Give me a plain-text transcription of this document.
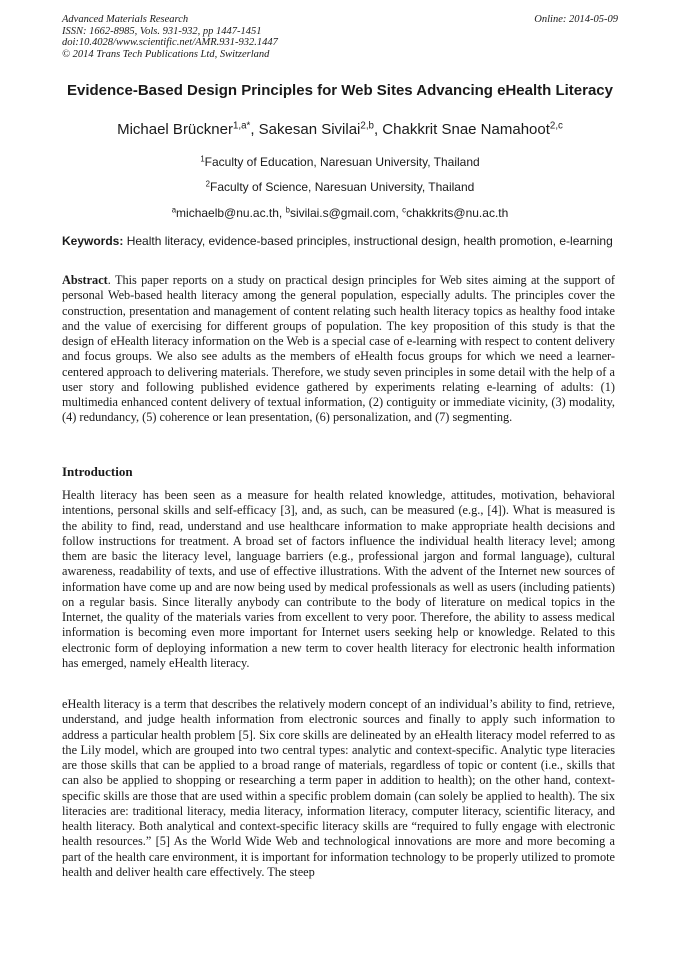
Advanced Materials Research
ISSN: 1662-8985, Vols. 931-932, pp 1447-1451
doi:10.4028/www.scientific.net/AMR.931-932.1447
© 2014 Trans Tech Publications Ltd, Switzerland
Online: 2014-05-09
Evidence-Based Design Principles for Web Sites Advancing eHealth Literacy
Michael Brückner$^{1,a*}$, Sakesan Sivilai$^{2,b}$, Chakkrit Snae Namahoot$^{2,c}$
$^1$Faculty of Education, Naresuan University, Thailand
$^2$Faculty of Science, Naresuan University, Thailand
$^a$michaelb@nu.ac.th, $^b$sivilai.s@gmail.com, $^c$chakkrits@nu.ac.th
Keywords: Health literacy, evidence-based principles, instructional design, health promotion, e-learning
Abstract. This paper reports on a study on practical design principles for Web sites aiming at the support of personal Web-based health literacy among the general population, especially adults. The principles cover the construction, presentation and management of content relating such health literacy topics as healthy food intake and the value of exercising for different groups of population. The key proposition of this study is that the design of eHealth literacy information on the Web is a special case of e-learning with respect to content delivery and focus groups. We also see adults as the members of eHealth focus groups for which we need a learner-centered approach to delivering materials. Therefore, we study seven principles in some detail with the help of a user story and following published evidence gathered by experiments relating e-learning of adults: (1) multimedia enhanced content delivery of textual information, (2) contiguity or immediate vicinity, (3) modality, (4) redundancy, (5) coherence or lean presentation, (6) personalization, and (7) segmenting.
Introduction
Health literacy has been seen as a measure for health related knowledge, attitudes, motivation, behavioral intentions, personal skills and self-efficacy [3], and, as such, can be measured (e.g., [4]). What is measured is the ability to find, read, understand and use healthcare information to make appropriate health decisions and follow instructions for treatment. A broad set of factors influence the individual health literacy level; among them are basic the literacy level, language barriers (e.g., professional jargon and formal language), cultural awareness, readability of texts, and use of effective illustrations. With the advent of the Internet new sources of information have come up and are now being used by medical professionals as well as users (including patients) on a regular basis. Since literally anybody can contribute to the body of literature on medical topics in the Internet, the quality of the materials varies from excellent to very poor. Therefore, the ability to assess medical information is becoming even more important for Internet users seeking help or knowledge. Related to this electronic form of deploying information a new term to cover health literacy for electronic health information has emerged, namely eHealth literacy.
eHealth literacy is a term that describes the relatively modern concept of an individual’s ability to find, retrieve, understand, and judge health information from electronic sources and finally to apply such information to address a particular health problem [5]. Six core skills are delineated by an eHealth literacy model referred to as the Lily model, which are grouped into two central types: analytic and context-specific. Analytic type literacies are those skills that can be applied to a broad range of materials, regardless of topic or content (i.e., skills that can also be applied to shopping or researching a term paper in addition to health); on the other hand, context-specific skills are those that are used within a specific problem domain (can solely be applied to health). The six literacies are: traditional literacy, media literacy, information literacy, computer literacy, scientific literacy, and health literacy. Both analytical and context-specific literacy skills are “required to fully engage with electronic health resources.” [5] As the World Wide Web and technological innovations are more and more becoming a part of the health care environment, it is important for information technology to be properly utilized to promote health and deliver health care effectively. The steep
